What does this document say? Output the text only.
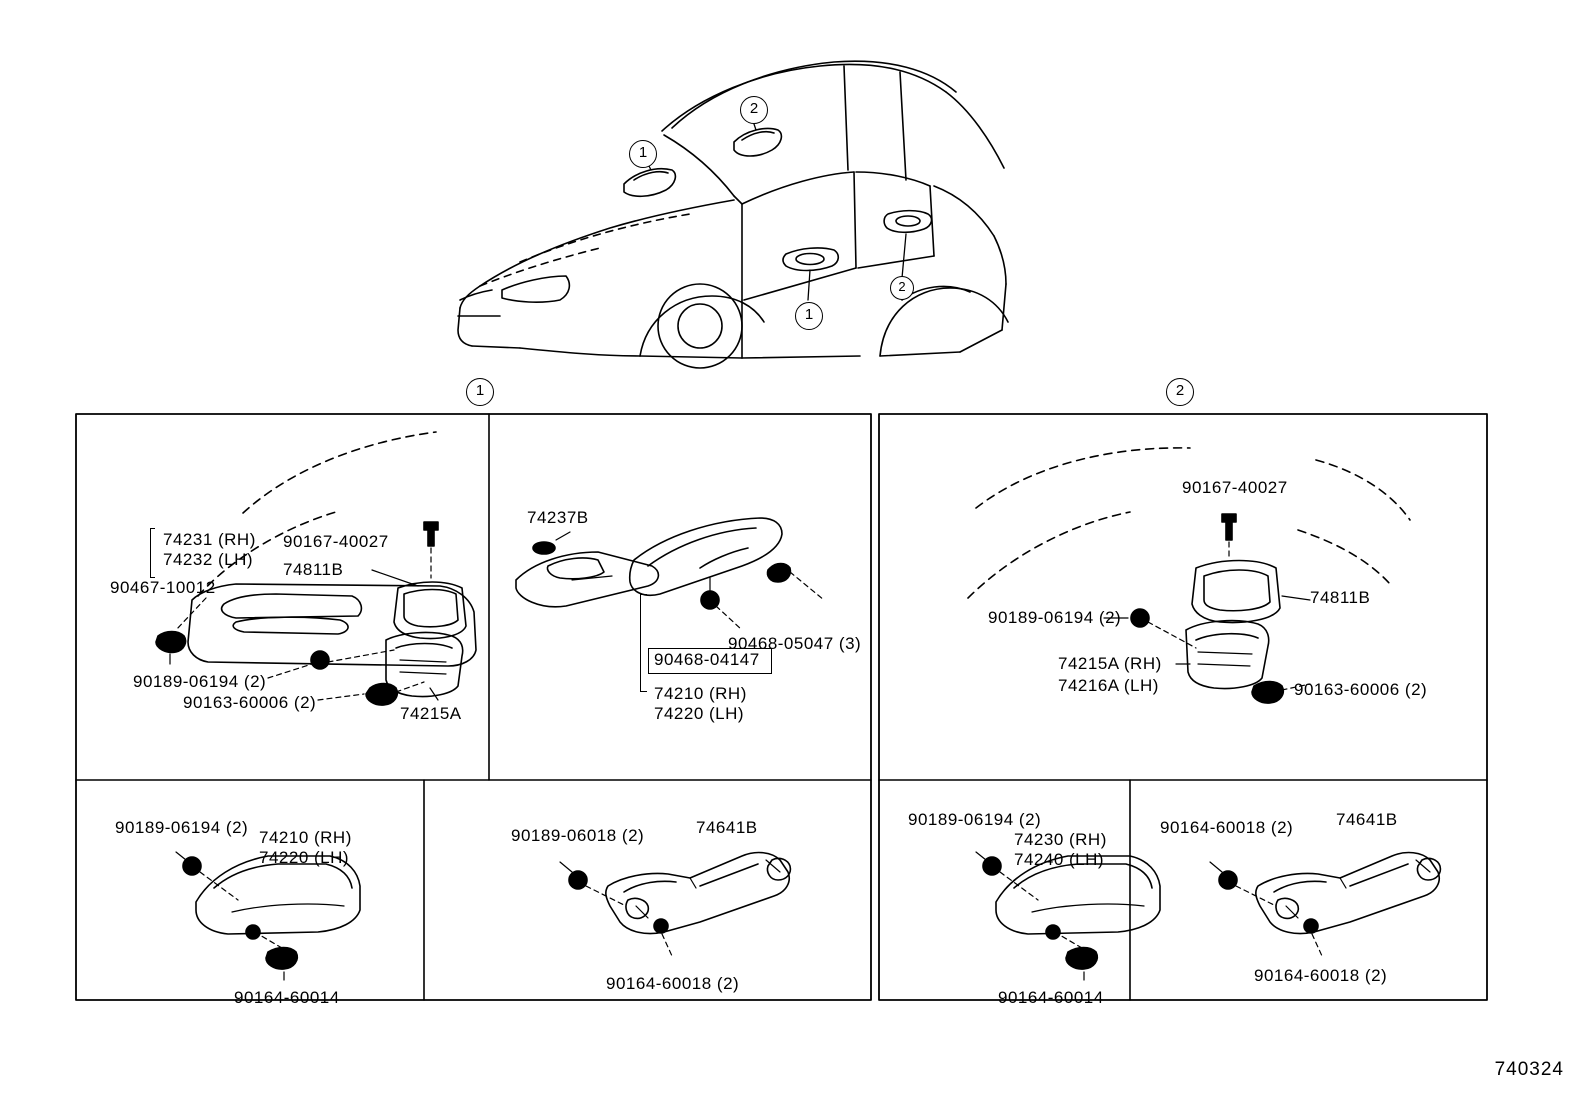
1
2
1
2
1	2
74231 (RH)
74232 (LH)
90467-10012
90167-40027
74811B
90189-06194 (2)
90163-60006 (2)
74215A
74237B
90468-05047 (3)
90468-04147
74210 (RH)
74220 (LH)
90189-06194 (2)
74210 (RH)
74220 (LH)
90164-60014
90189-06018 (2)	74641B
90164-60018 (2)
90167-40027
74811B
90189-06194 (2)
74215A (RH)
74216A (LH)	90163-60006 (2)
90189-06194 (2)
74230 (RH)
74240 (LH)
90164-60014
90164-60018 (2)	74641B
90164-60018 (2)
740324
